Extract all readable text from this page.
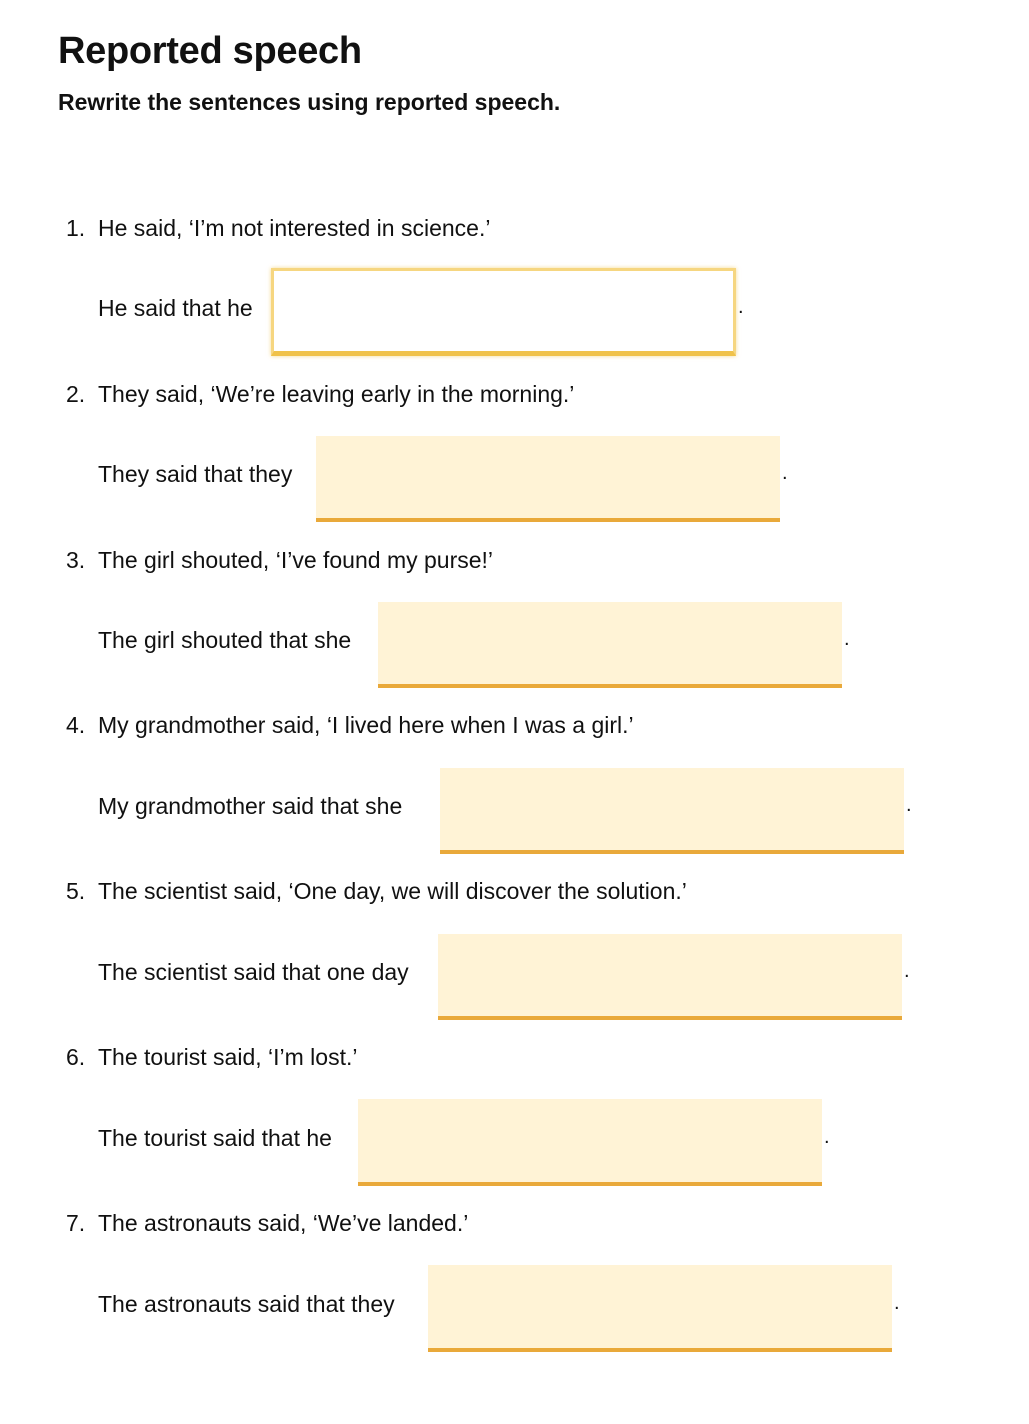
Reported speech
Rewrite the sentences using reported speech.
1. He said, ‘I’m not interested in science.’
He said that he	.
2. They said, ‘We’re leaving early in the morning.’
They said that they	.
3. The girl shouted, ‘I’ve found my purse!’
The girl shouted that she	.
4. My grandmother said, ‘I lived here when I was a girl.’
My grandmother said that she	.
5. The scientist said, ‘One day, we will discover the solution.’
The scientist said that one day	.
6. The tourist said, ‘I’m lost.’
The tourist said that he	.
7. The astronauts said, ‘We’ve landed.’
The astronauts said that they	.
